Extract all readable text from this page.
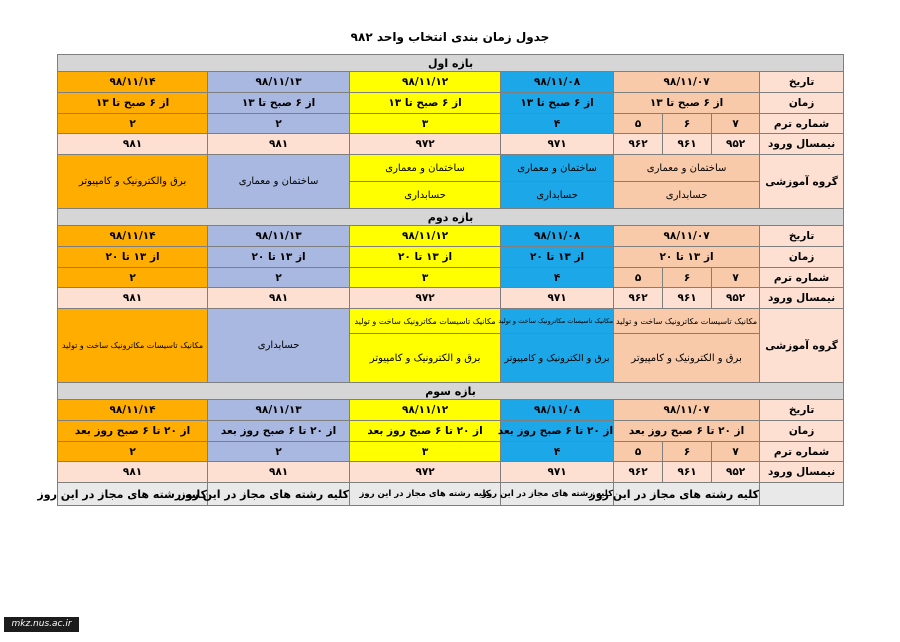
جدول زمان بندی انتخاب واحد ۹۸۲
بازه اول								
تاریخ	۹۸/۱۱/۰۷			۹۸/۱۱/۰۸	۹۸/۱۱/۱۲	۹۸/۱۱/۱۳	۹۸/۱۱/۱۴	
زمان	از ۶ صبح تا ۱۳			از ۶ صبح تا ۱۳	از ۶ صبح تا ۱۳	از ۶ صبح تا ۱۳	از ۶ صبح تا ۱۳	
شماره ترم	۷	۶	۵	۴	۳	۲	۲	
نیمسال ورود	۹۵۲	۹۶۱	۹۶۲	۹۷۱	۹۷۲	۹۸۱	۹۸۱	
گروه آموزشی	ساختمان و معماری			ساختمان و معماری	ساختمان و معماری	ساختمان و معماری	برق والکترونیک و کامپیوتر	
	حسابداری			حسابداری	حسابداری			
بازه دوم								
تاریخ	۹۸/۱۱/۰۷			۹۸/۱۱/۰۸	۹۸/۱۱/۱۲	۹۸/۱۱/۱۳	۹۸/۱۱/۱۴	
زمان	از ۱۳ تا ۲۰			از ۱۳ تا ۲۰	از ۱۳ تا ۲۰	از ۱۳ تا ۲۰	از ۱۳ تا ۲۰	
شماره ترم	۷	۶	۵	۴	۳	۲	۲	
نیمسال ورود	۹۵۲	۹۶۱	۹۶۲	۹۷۱	۹۷۲	۹۸۱	۹۸۱	
گروه آموزشی	مکانیک تاسیسات مکاترونیک ساخت و تولید			مکانیک تاسیسات مکاترونیک ساخت و تولید	مکانیک تاسیسات مکاترونیک ساخت و تولید	حسابداری	مکانیک تاسیسات مکاترونیک ساخت و تولید	
	برق و الکترونیک و کامپیوتر			برق و الکترونیک و کامپیوتر	برق و الکترونیک و کامپیوتر			
بازه سوم								
تاریخ	۹۸/۱۱/۰۷			۹۸/۱۱/۰۸	۹۸/۱۱/۱۲	۹۸/۱۱/۱۳	۹۸/۱۱/۱۴	
زمان	از ۲۰ تا ۶ صبح روز بعد			از ۲۰ تا ۶ صبح روز بعد	از ۲۰ تا ۶ صبح روز بعد	از ۲۰ تا ۶ صبح روز بعد	از ۲۰ تا ۶ صبح روز بعد	
شماره ترم	۷	۶	۵	۴	۳	۲	۲	
نیمسال ورود	۹۵۲	۹۶۱	۹۶۲	۹۷۱	۹۷۲	۹۸۱	۹۸۱	
	کلیه رشته های مجاز در این روز			کلیه رشته های مجاز در این روز	کلیه رشته های مجاز در این روز	کلیه رشته های مجاز در این روز	کلیه رشته های مجاز در این روز	
mkz.nus.ac.ir
